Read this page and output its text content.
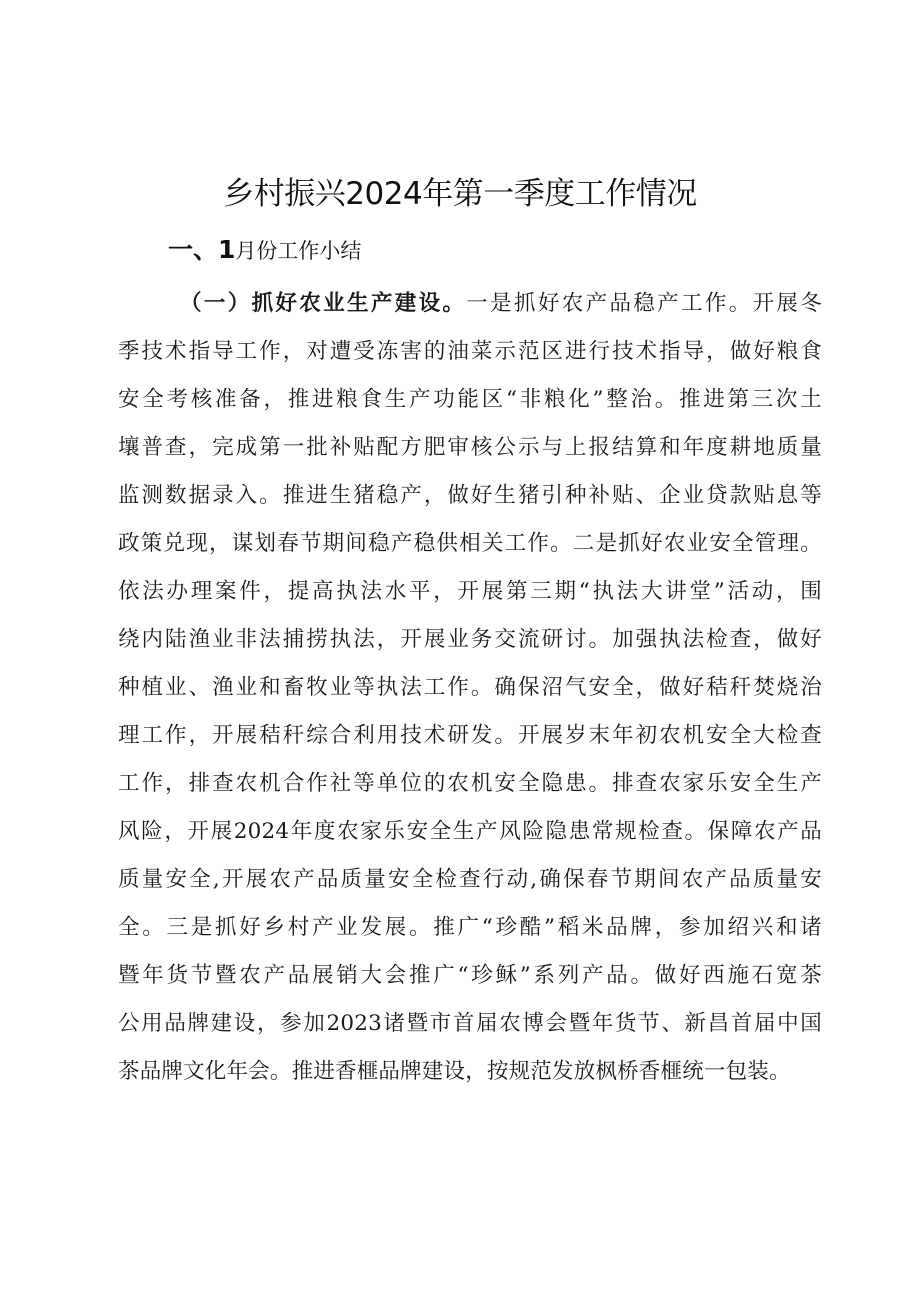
乡村振兴2024年第一季度工作情况
一、1月份工作小结
（一）抓好农业生产建设。一是抓好农产品稳产工作。开展冬
季技术指导工作，对遭受冻害的油菜示范区进行技术指导，做好粮食
安全考核准备，推进粮食生产功能区“非粮化”整治。推进第三次土
壤普查，完成第一批补贴配方肥审核公示与上报结算和年度耕地质量
监测数据录入。推进生猪稳产，做好生猪引种补贴、企业贷款贴息等
政策兑现，谋划春节期间稳产稳供相关工作。二是抓好农业安全管理。
依法办理案件，提高执法水平，开展第三期“执法大讲堂”活动，围
绕内陆渔业非法捕捞执法，开展业务交流研讨。加强执法检查，做好
种植业、渔业和畜牧业等执法工作。确保沼气安全，做好秸秆焚烧治
理工作，开展秸秆综合利用技术研发。开展岁末年初农机安全大检查
工作，排查农机合作社等单位的农机安全隐患。排查农家乐安全生产
风险，开展2024年度农家乐安全生产风险隐患常规检查。保障农产品
质量安全,开展农产品质量安全检查行动,确保春节期间农产品质量安
全。三是抓好乡村产业发展。推广“珍酷”稻米品牌，参加绍兴和诸
暨年货节暨农产品展销大会推广“珍稣”系列产品。做好西施石宽茶
公用品牌建设，参加2023诸暨市首届农博会暨年货节、新昌首届中国
茶品牌文化年会。推进香榧品牌建设，按规范发放枫桥香榧统一包装。
